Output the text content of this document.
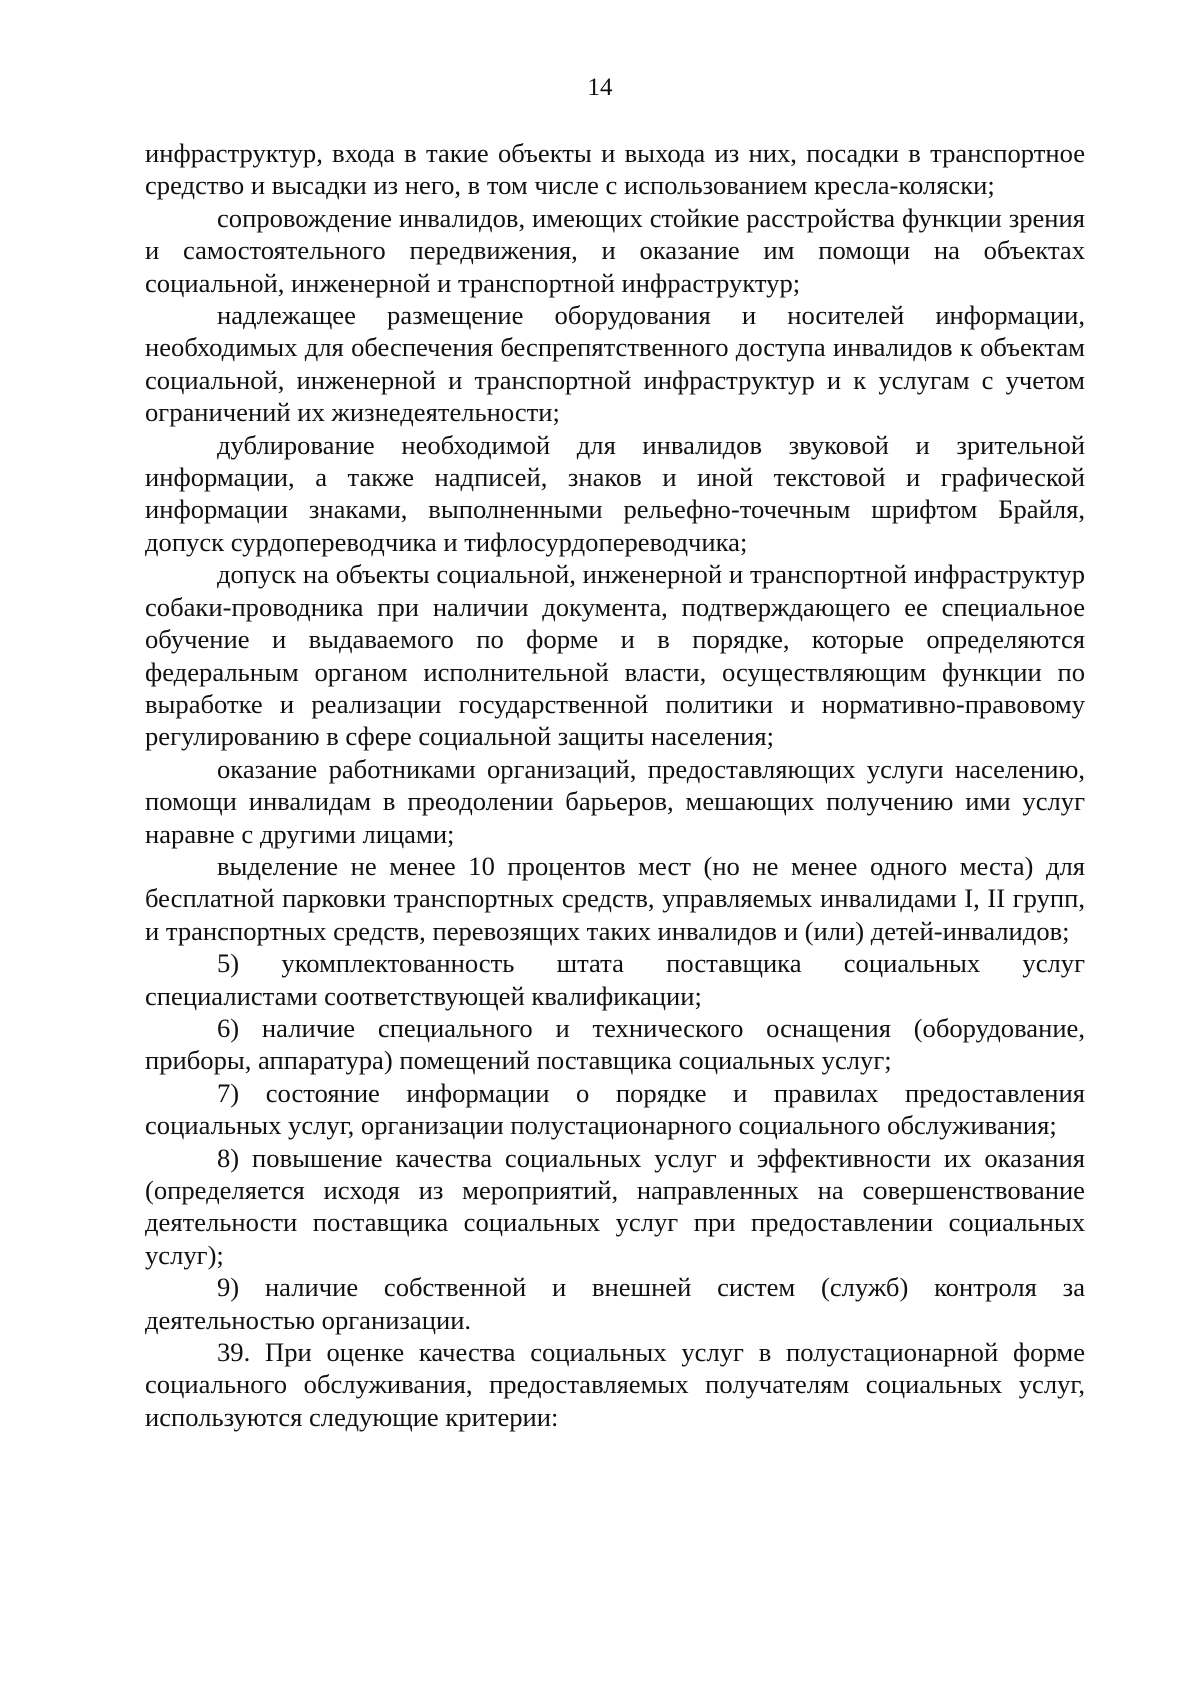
14

инфраструктур, входа в такие объекты и выхода из них, посадки в транспортное средство и высадки из него, в том числе с использованием кресла-коляски;

сопровождение инвалидов, имеющих стойкие расстройства функции зрения и самостоятельного передвижения, и оказание им помощи на объектах социальной, инженерной и транспортной инфраструктур;

надлежащее размещение оборудования и носителей информации, необходимых для обеспечения беспрепятственного доступа инвалидов к объектам социальной, инженерной и транспортной инфраструктур и к услугам с учетом ограничений их жизнедеятельности;

дублирование необходимой для инвалидов звуковой и зрительной информации, а также надписей, знаков и иной текстовой и графической информации знаками, выполненными рельефно-точечным шрифтом Брайля, допуск сурдопереводчика и тифлосурдопереводчика;

допуск на объекты социальной, инженерной и транспортной инфраструктур собаки-проводника при наличии документа, подтверждающего ее специальное обучение и выдаваемого по форме и в порядке, которые определяются федеральным органом исполнительной власти, осуществляющим функции по выработке и реализации государственной политики и нормативно-правовому регулированию в сфере социальной защиты населения;

оказание работниками организаций, предоставляющих услуги населению, помощи инвалидам в преодолении барьеров, мешающих получению ими услуг наравне с другими лицами;

выделение не менее 10 процентов мест (но не менее одного места) для бесплатной парковки транспортных средств, управляемых инвалидами I, II групп, и транспортных средств, перевозящих таких инвалидов и (или) детей-инвалидов;

5) укомплектованность штата поставщика социальных услуг специалистами соответствующей квалификации;

6) наличие специального и технического оснащения (оборудование, приборы, аппаратура) помещений поставщика социальных услуг;

7) состояние информации о порядке и правилах предоставления социальных услуг, организации полустационарного социального обслуживания;

8) повышение качества социальных услуг и эффективности их оказания (определяется исходя из мероприятий, направленных на совершенствование деятельности поставщика социальных услуг при предоставлении социальных услуг);

9) наличие собственной и внешней систем (служб) контроля за деятельностью организации.

39. При оценке качества социальных услуг в полустационарной форме социального обслуживания, предоставляемых получателям социальных услуг, используются следующие критерии:
